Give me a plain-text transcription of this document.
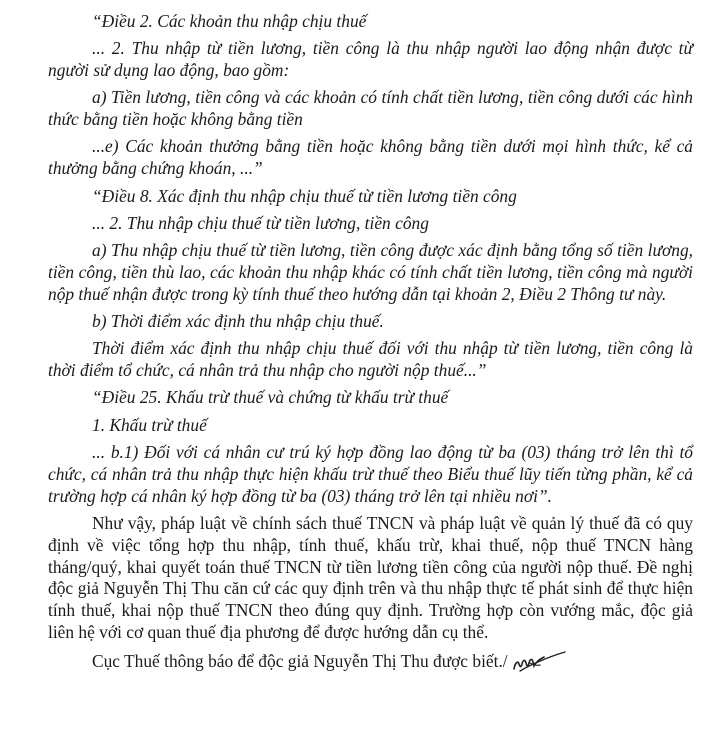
“Điều 2. Các khoản thu nhập chịu thuế

... 2. Thu nhập từ tiền lương, tiền công là thu nhập người lao động nhận được từ người sử dụng lao động, bao gồm:

a) Tiền lương, tiền công và các khoản có tính chất tiền lương, tiền công dưới các hình thức bằng tiền hoặc không bằng tiền

...e) Các khoản thưởng bằng tiền hoặc không bằng tiền dưới mọi hình thức, kể cả thưởng bằng chứng khoán, ...”

“Điều 8. Xác định thu nhập chịu thuế từ tiền lương tiền công

... 2. Thu nhập chịu thuế từ tiền lương, tiền công

a) Thu nhập chịu thuế từ tiền lương, tiền công được xác định bằng tổng số tiền lương, tiền công, tiền thù lao, các khoản thu nhập khác có tính chất tiền lương, tiền công mà người nộp thuế nhận được trong kỳ tính thuế theo hướng dẫn tại khoản 2, Điều 2 Thông tư này.

b) Thời điểm xác định thu nhập chịu thuế.

Thời điểm xác định thu nhập chịu thuế đối với thu nhập từ tiền lương, tiền công là thời điểm tổ chức, cá nhân trả thu nhập cho người nộp thuế...”

“Điều 25. Khấu trừ thuế và chứng từ khấu trừ thuế

1. Khấu trừ thuế

... b.1) Đối với cá nhân cư trú ký hợp đồng lao động từ ba (03) tháng trở lên thì tổ chức, cá nhân trả thu nhập thực hiện khấu trừ thuế theo Biểu thuế lũy tiến từng phần, kể cả trường hợp cá nhân ký hợp đồng từ ba (03) tháng trở lên tại nhiều nơi”.

Như vậy, pháp luật về chính sách thuế TNCN và pháp luật về quản lý thuế đã có quy định về việc tổng hợp thu nhập, tính thuế, khấu trừ, khai thuế, nộp thuế TNCN hàng tháng/quý, khai quyết toán thuế TNCN từ tiền lương tiền công của người nộp thuế. Đề nghị độc giả Nguyễn Thị Thu căn cứ các quy định trên và thu nhập thực tế phát sinh để thực hiện tính thuế, khai nộp thuế TNCN theo đúng quy định. Trường hợp còn vướng mắc, độc giả liên hệ với cơ quan thuế địa phương để được hướng dẫn cụ thể.

Cục Thuế thông báo để độc giả Nguyễn Thị Thu được biết./
